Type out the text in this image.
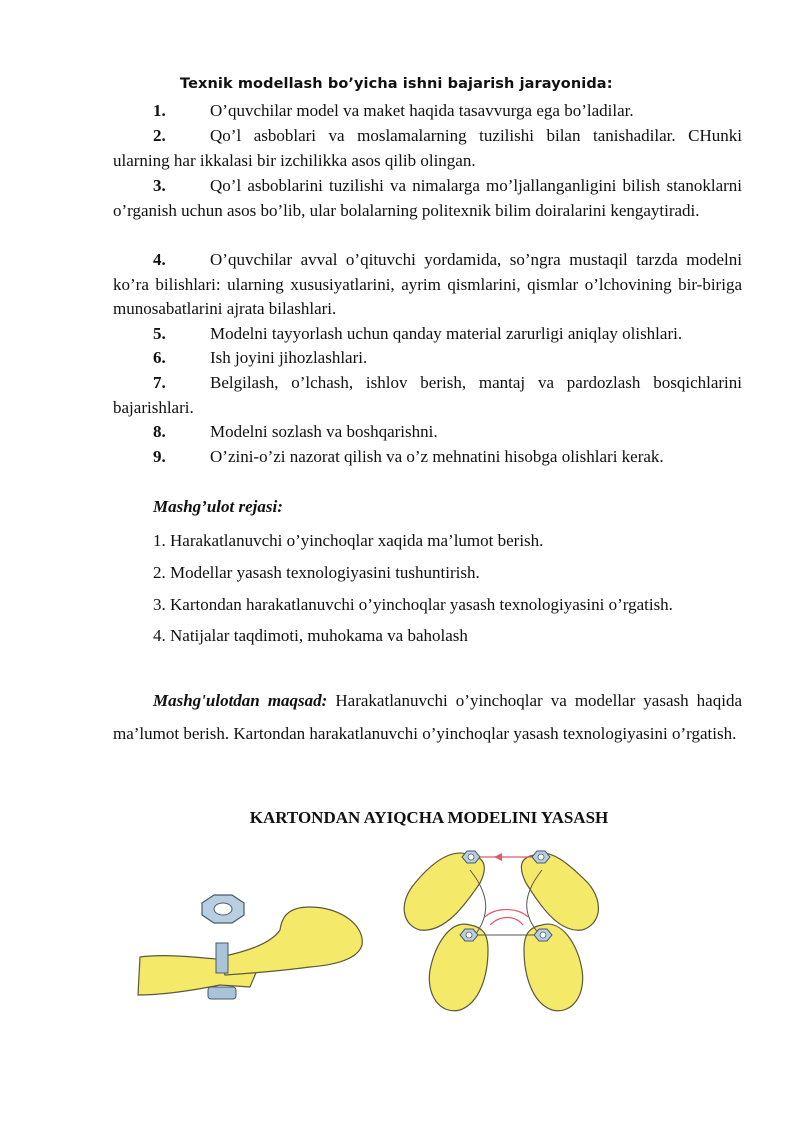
Texnik modellash bo’yicha ishni bajarish jarayonida:
1.	O’quvchilar model va maket haqida tasavvurga ega bo’ladilar.
2.	Qo’l asboblari va moslamalarning tuzilishi bilan tanishadilar. CHunki ularning har ikkalasi bir izchilikka asos qilib olingan.
3.	Qo’l asboblarini tuzilishi va nimalarga mo’ljallanganligini bilish stanoklarni o’rganish uchun asos bo’lib, ular bolalarning politexnik bilim doiralarini kengaytiradi.
4.	O’quvchilar avval o’qituvchi yordamida, so’ngra mustaqil tarzda modelni ko’ra bilishlari: ularning xususiyatlarini, ayrim qismlarini, qismlar o’lchovining bir-biriga munosabatlarini ajrata bilashlari.
5.	Modelni tayyorlash uchun qanday material zarurligi aniqlay olishlari.
6.	Ish joyini jihozlashlari.
7.	Belgilash, o’lchash, ishlov berish, mantaj va pardozlash bosqichlarini bajarishlari.
8.	Modelni sozlash va boshqarishni.
9.	O’zini-o’zi nazorat qilish va o’z mehnatini hisobga olishlari kerak.
Mashg’ulot rejasi:
1. Harakatlanuvchi o’yinchoqlar xaqida ma’lumot berish.
2. Modellar yasash texnologiyasini tushuntirish.
3. Kartondan harakatlanuvchi o’yinchoqlar yasash texnologiyasini o’rgatish.
4. Natijalar taqdimoti, muhokama va baholash
Mashg'ulotdan maqsad: Harakatlanuvchi o’yinchoqlar va modellar yasash haqida ma’lumot berish. Kartondan harakatlanuvchi o’yinchoqlar yasash texnologiyasini o’rgatish.
KARTONDAN AYIQCHA MODELINI YASASH
